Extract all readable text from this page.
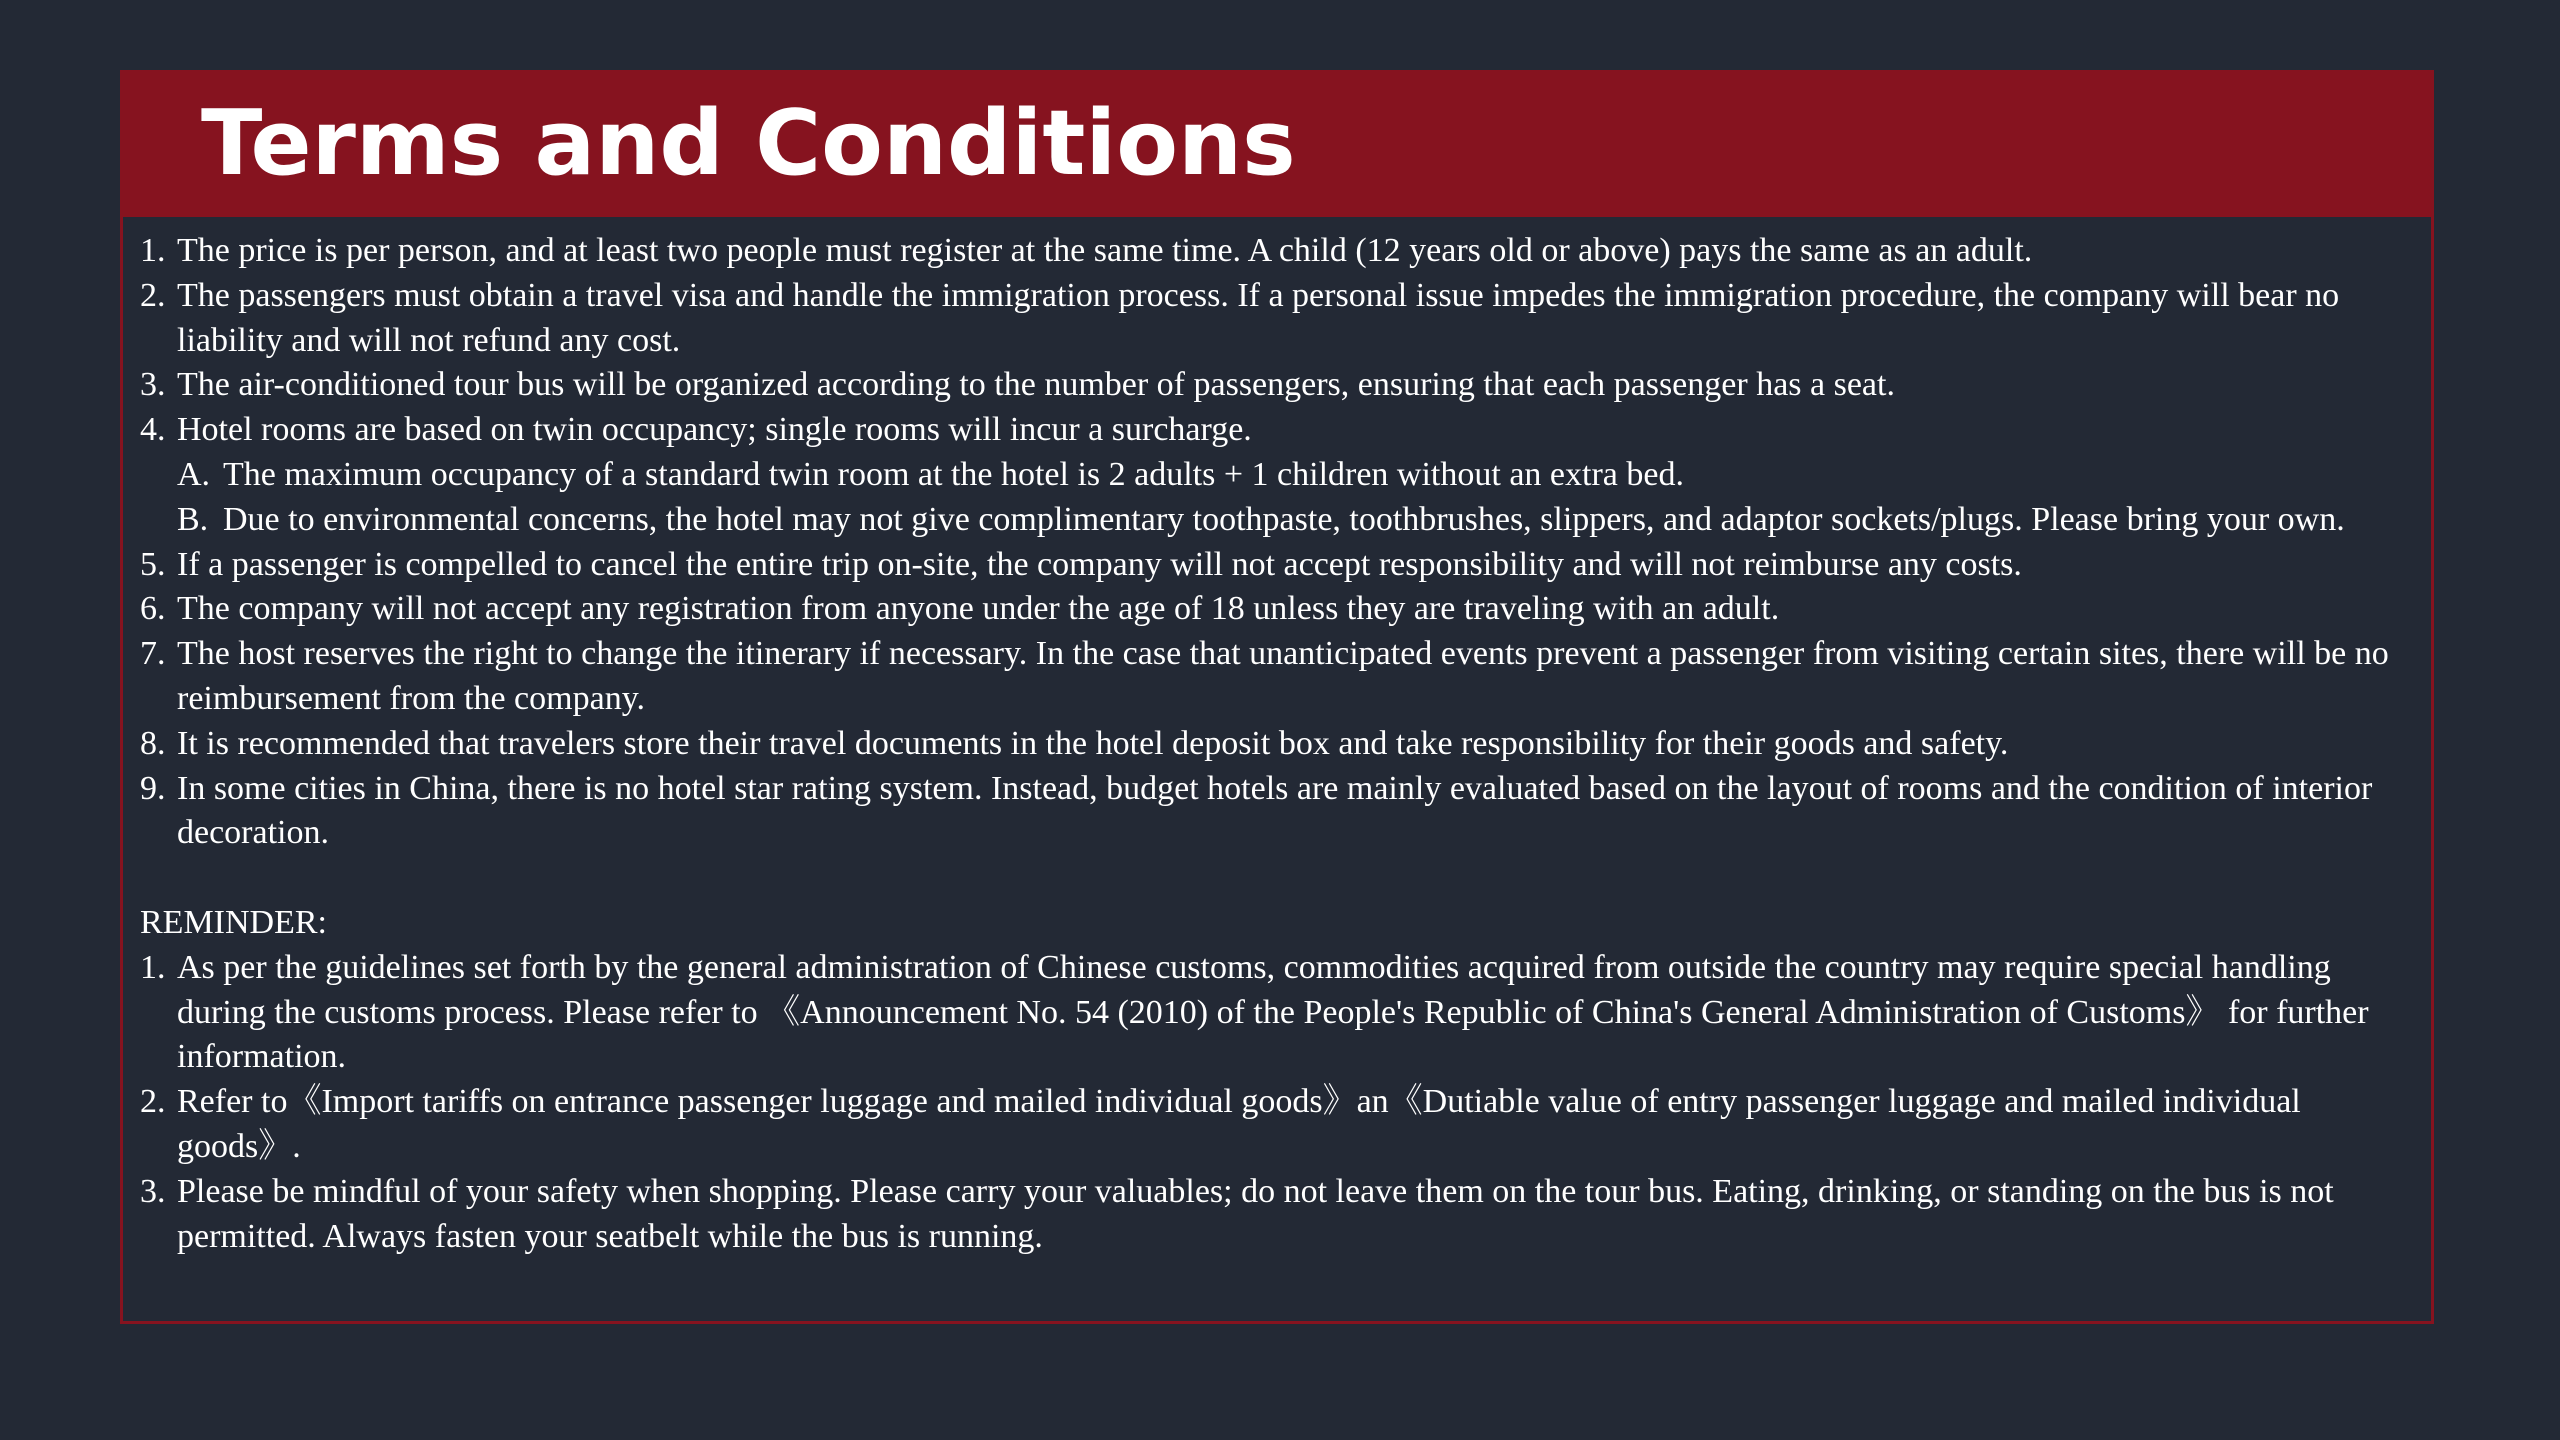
Terms and Conditions
1. The price is per person, and at least two people must register at the same time. A child (12 years old or above) pays the same as an adult.
2. The passengers must obtain a travel visa and handle the immigration process. If a personal issue impedes the immigration procedure, the company will bear no liability and will not refund any cost.
3. The air-conditioned tour bus will be organized according to the number of passengers, ensuring that each passenger has a seat.
4. Hotel rooms are based on twin occupancy; single rooms will incur a surcharge.
A. The maximum occupancy of a standard twin room at the hotel is 2 adults + 1 children without an extra bed.
B. Due to environmental concerns, the hotel may not give complimentary toothpaste, toothbrushes, slippers, and adaptor sockets/plugs. Please bring your own.
5. If a passenger is compelled to cancel the entire trip on-site, the company will not accept responsibility and will not reimburse any costs.
6. The company will not accept any registration from anyone under the age of 18 unless they are traveling with an adult.
7. The host reserves the right to change the itinerary if necessary. In the case that unanticipated events prevent a passenger from visiting certain sites, there will be no reimbursement from the company.
8. It is recommended that travelers store their travel documents in the hotel deposit box and take responsibility for their goods and safety.
9. In some cities in China, there is no hotel star rating system. Instead, budget hotels are mainly evaluated based on the layout of rooms and the condition of interior decoration.
REMINDER:
1. As per the guidelines set forth by the general administration of Chinese customs, commodities acquired from outside the country may require special handling during the customs process. Please refer to 《Announcement No. 54 (2010) of the People's Republic of China's General Administration of Customs》 for further information.
2. Refer to《Import tariffs on entrance passenger luggage and mailed individual goods》an《Dutiable value of entry passenger luggage and mailed individual goods》.
3. Please be mindful of your safety when shopping. Please carry your valuables; do not leave them on the tour bus. Eating, drinking, or standing on the bus is not permitted. Always fasten your seatbelt while the bus is running.
